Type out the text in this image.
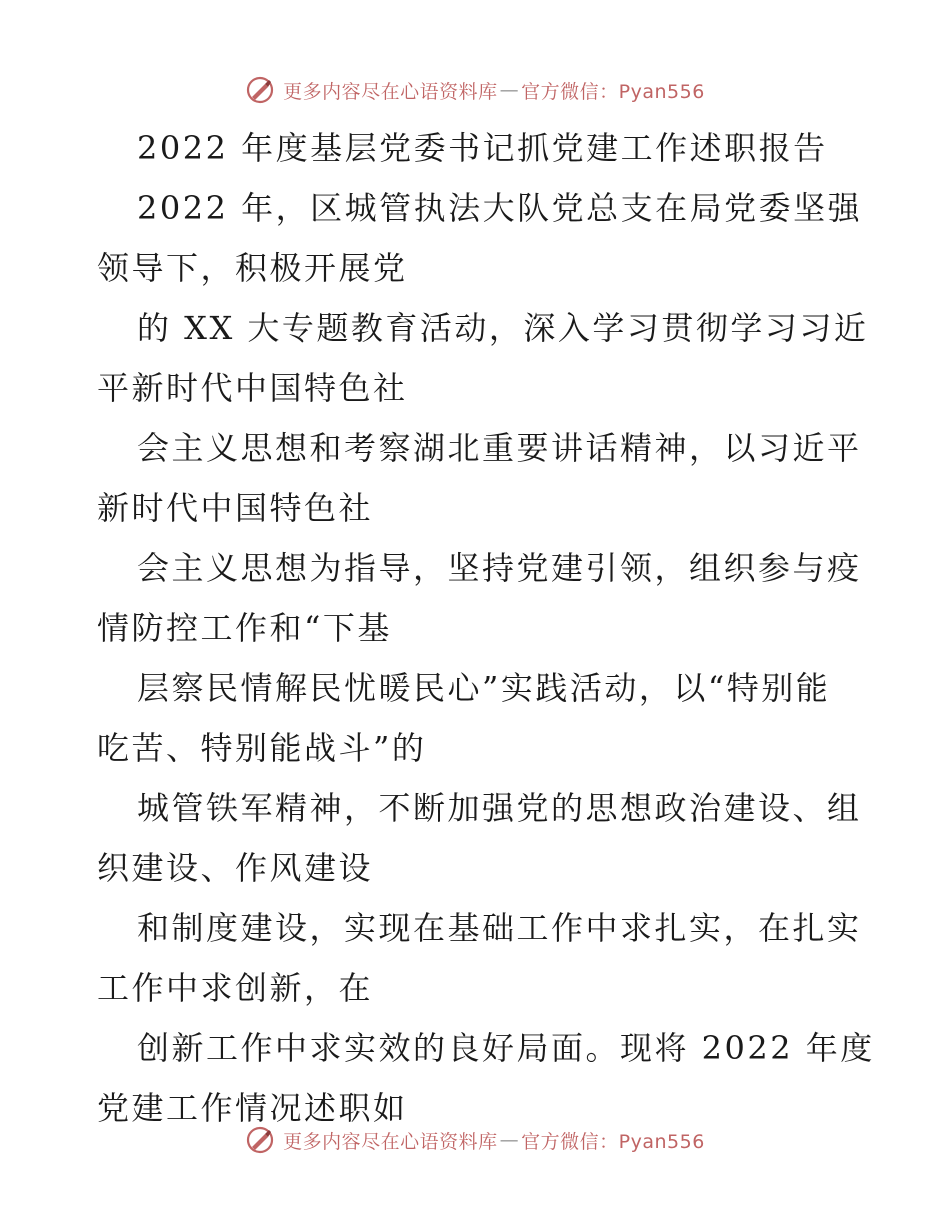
更多内容尽在心语资料库 — 官方微信：Pyan556
2022 年度基层党委书记抓党建工作述职报告
2022 年，区城管执法大队党总支在局党委坚强
领导下，积极开展党
的 XX 大专题教育活动，深入学习贯彻学习习近
平新时代中国特色社
会主义思想和考察湖北重要讲话精神，以习近平
新时代中国特色社
会主义思想为指导，坚持党建引领，组织参与疫
情防控工作和“下基
层察民情解民忧暖民心”实践活动，以“特别能
吃苦、特别能战斗”的
城管铁军精神，不断加强党的思想政治建设、组
织建设、作风建设
和制度建设，实现在基础工作中求扎实，在扎实
工作中求创新，在
创新工作中求实效的良好局面。现将 2022 年度
党建工作情况述职如
更多内容尽在心语资料库 — 官方微信：Pyan556
